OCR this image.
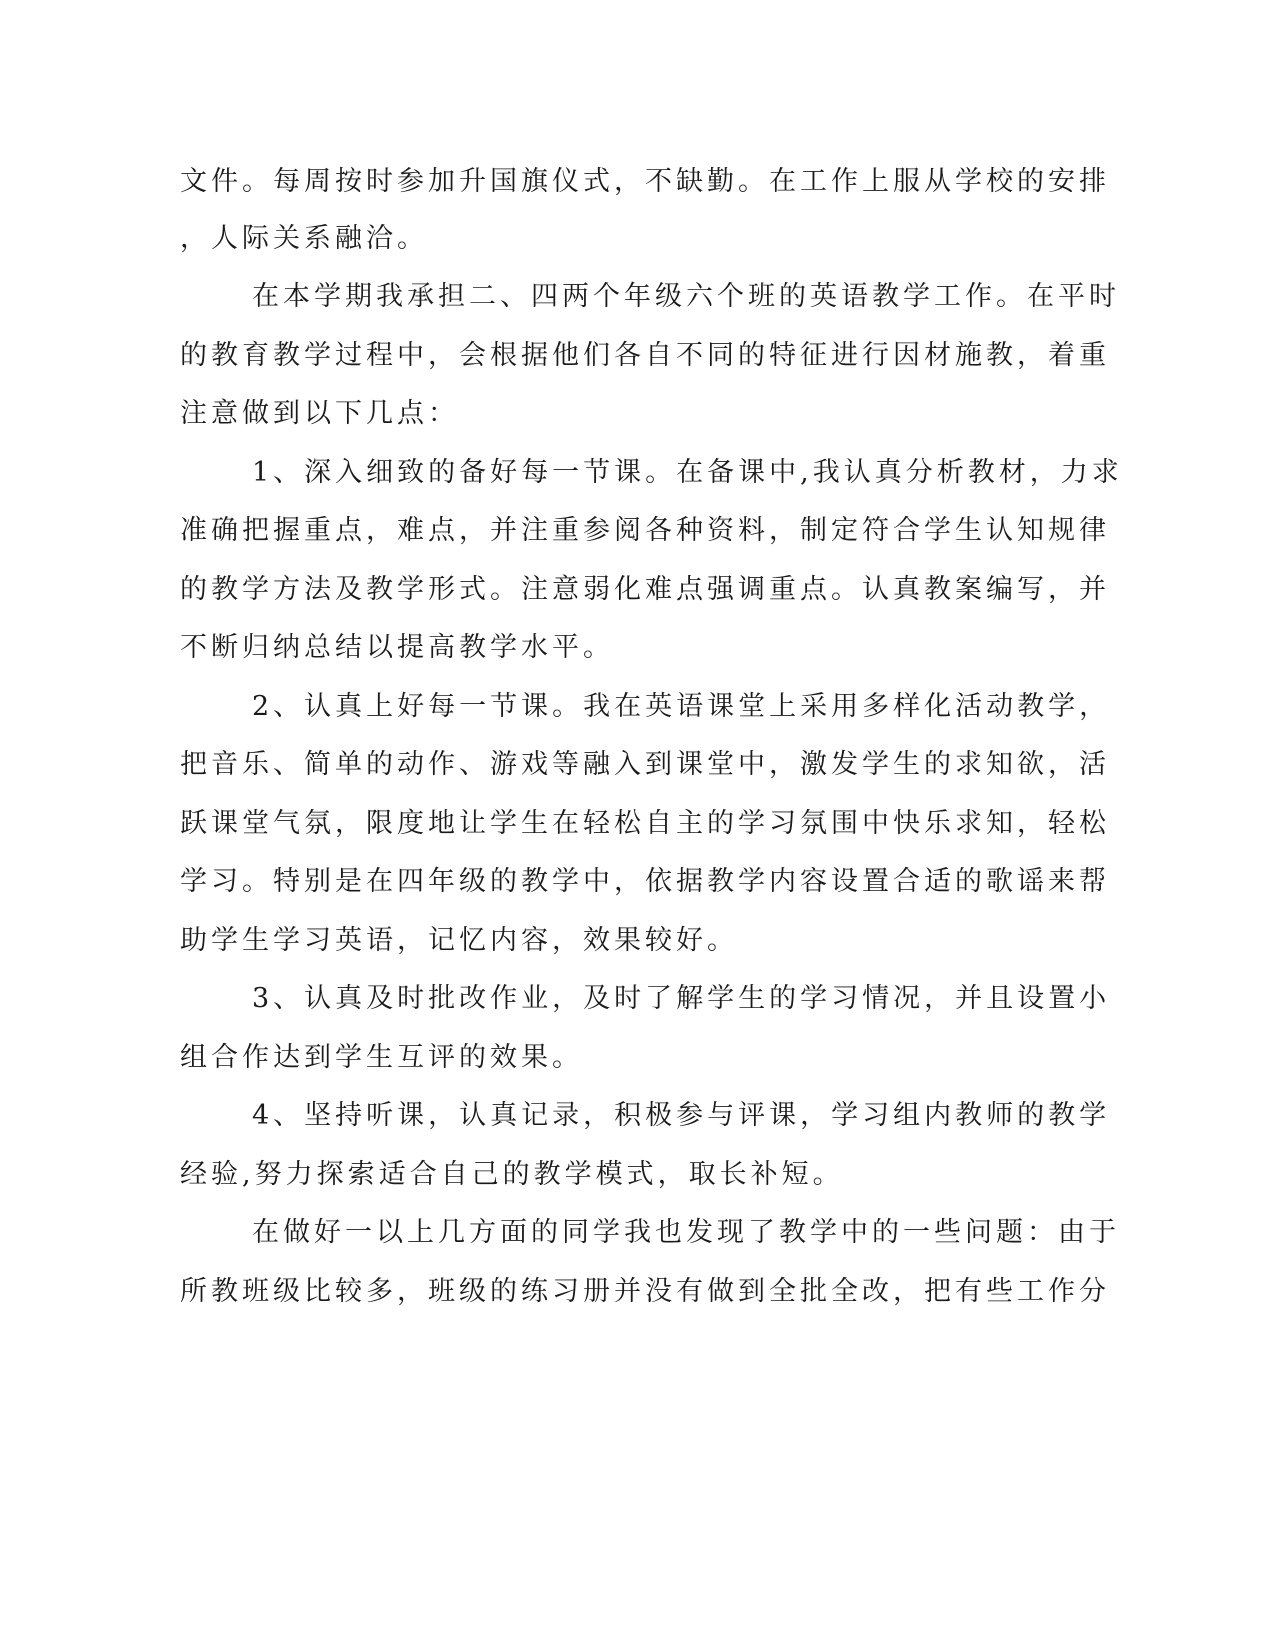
文件。每周按时参加升国旗仪式，不缺勤。在工作上服从学校的安排
，人际关系融洽。
在本学期我承担二、四两个年级六个班的英语教学工作。在平时
的教育教学过程中，会根据他们各自不同的特征进行因材施教，着重
注意做到以下几点：
1、深入细致的备好每一节课。在备课中,我认真分析教材，力求
准确把握重点，难点，并注重参阅各种资料，制定符合学生认知规律
的教学方法及教学形式。注意弱化难点强调重点。认真教案编写，并
不断归纳总结以提高教学水平。
2、认真上好每一节课。我在英语课堂上采用多样化活动教学，
把音乐、简单的动作、游戏等融入到课堂中，激发学生的求知欲，活
跃课堂气氛，限度地让学生在轻松自主的学习氛围中快乐求知，轻松
学习。特别是在四年级的教学中，依据教学内容设置合适的歌谣来帮
助学生学习英语，记忆内容，效果较好。
3、认真及时批改作业，及时了解学生的学习情况，并且设置小
组合作达到学生互评的效果。
4、坚持听课，认真记录，积极参与评课，学习组内教师的教学
经验,努力探索适合自己的教学模式，取长补短。
在做好一以上几方面的同学我也发现了教学中的一些问题：由于
所教班级比较多，班级的练习册并没有做到全批全改，把有些工作分
